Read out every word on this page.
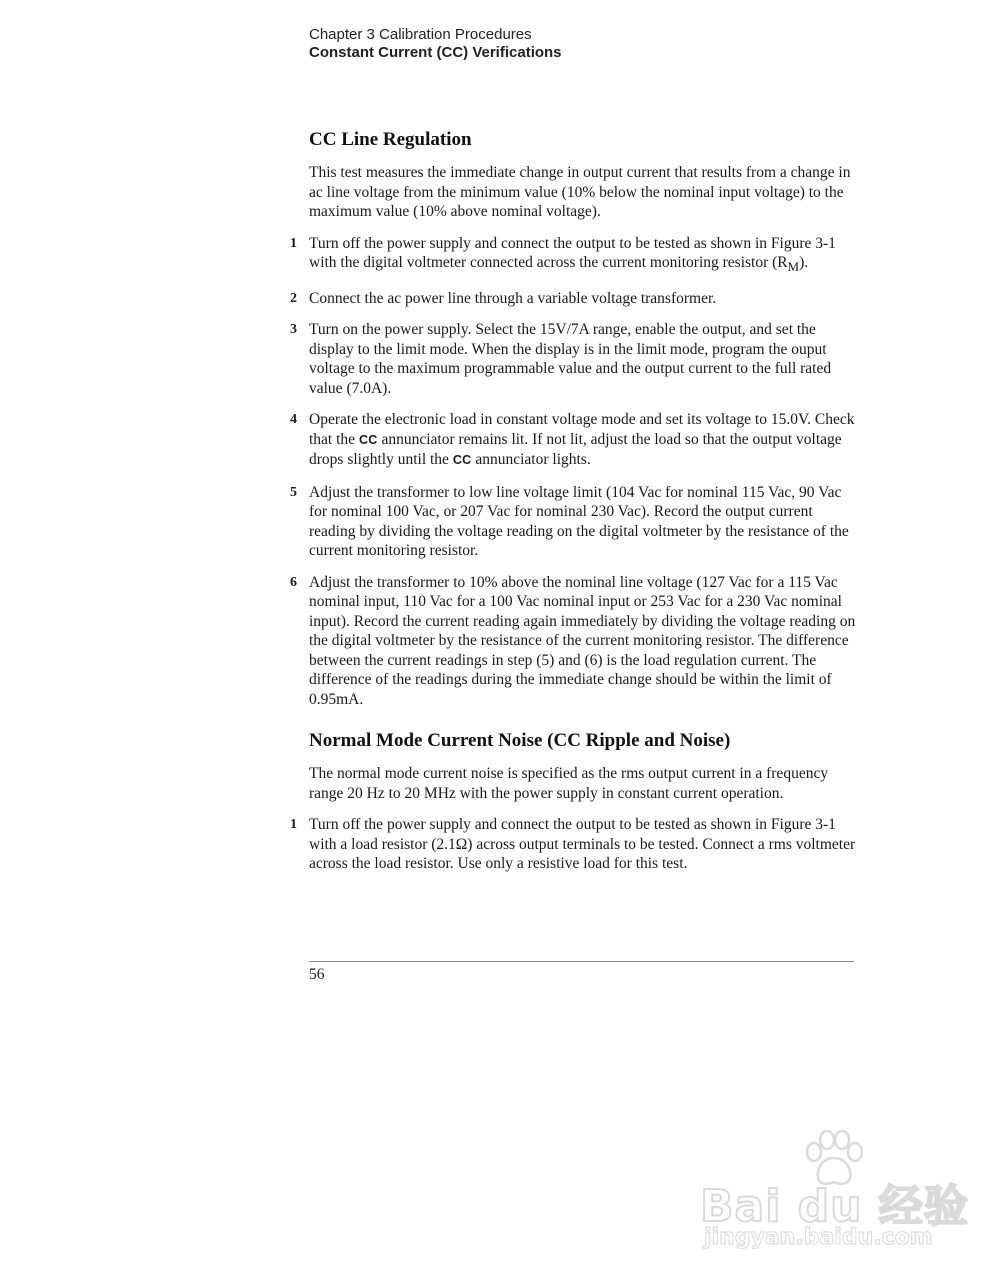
Chapter 3 Calibration Procedures
Constant Current (CC) Verifications
CC Line Regulation

This test measures the immediate change in output current that results from a change in ac line voltage from the minimum value (10% below the nominal input voltage) to the maximum value (10% above nominal voltage).

1 Turn off the power supply and connect the output to be tested as shown in Figure 3-1 with the digital voltmeter connected across the current monitoring resistor $(R_M)$.
2 Connect the ac power line through a variable voltage transformer.
3 Turn on the power supply. Select the 15V/7A range, enable the output, and set the display to the limit mode. When the display is in the limit mode, program the ouput voltage to the maximum programmable value and the output current to the full rated value (7.0A).
4 Operate the electronic load in constant voltage mode and set its voltage to 15.0V. Check that the CC annunciator remains lit. If not lit, adjust the load so that the output voltage drops slightly until the CC annunciator lights.
5 Adjust the transformer to low line voltage limit (104 Vac for nominal 115 Vac, 90 Vac for nominal 100 Vac, or 207 Vac for nominal 230 Vac). Record the output current reading by dividing the voltage reading on the digital voltmeter by the resistance of the current monitoring resistor.
6 Adjust the transformer to 10% above the nominal line voltage (127 Vac for a 115 Vac nominal input, 110 Vac for a 100 Vac nominal input or 253 Vac for a 230 Vac nominal input). Record the current reading again immediately by dividing the voltage reading on the digital voltmeter by the resistance of the current monitoring resistor. The difference between the current readings in step (5) and (6) is the load regulation current. The difference of the readings during the immediate change should be within the limit of 0.95mA.
Normal Mode Current Noise (CC Ripple and Noise)

The normal mode current noise is specified as the rms output current in a frequency range 20 Hz to 20 MHz with the power supply in constant current operation.

1 Turn off the power supply and connect the output to be tested as shown in Figure 3-1 with a load resistor (2.1Ω) across output terminals to be tested. Connect a rms voltmeter across the load resistor. Use only a resistive load for this test.
56
Bai du 经验
jingyan.baidu.com
